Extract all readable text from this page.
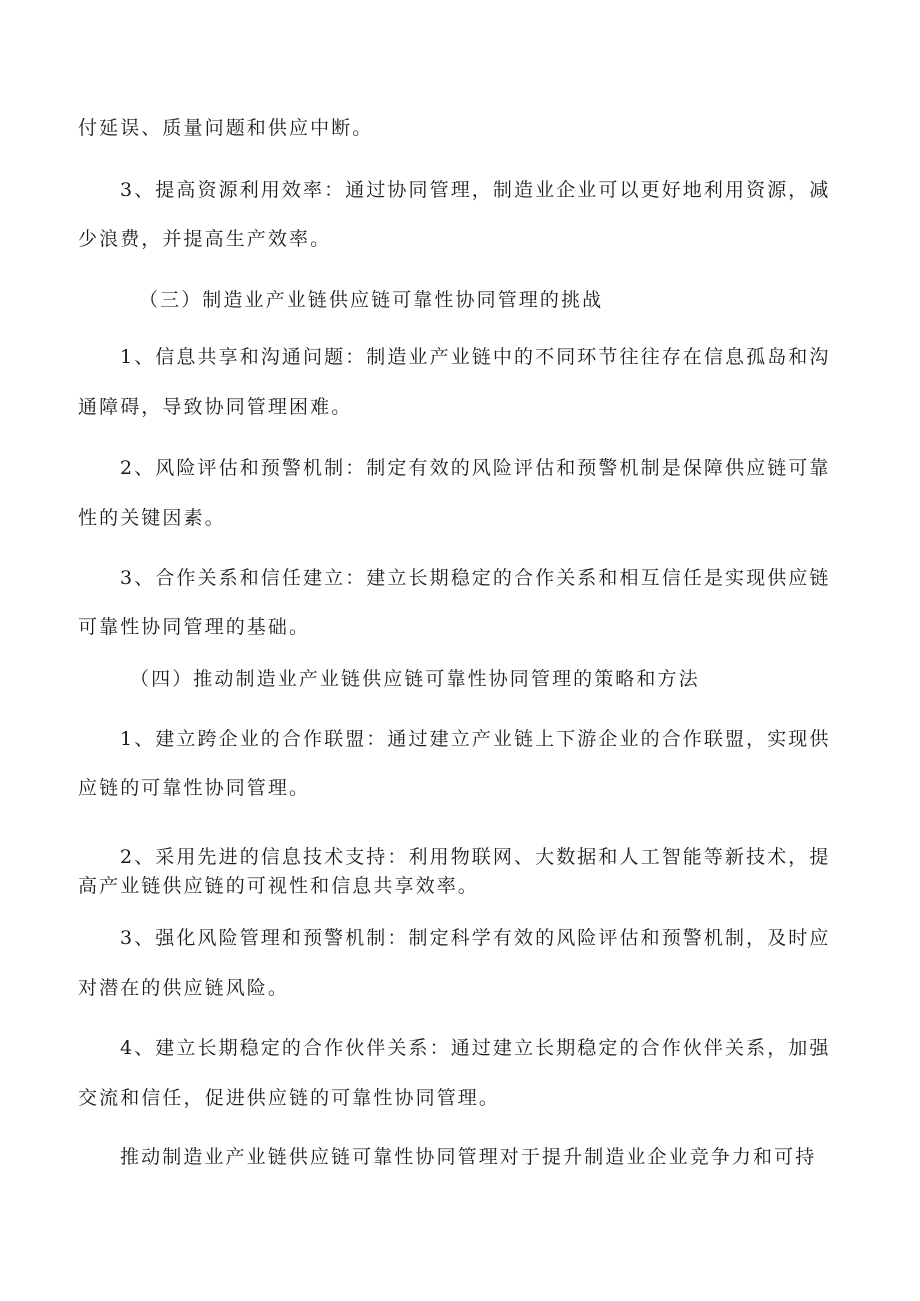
付延误、质量问题和供应中断。
3、提高资源利用效率：通过协同管理，制造业企业可以更好地利用资源，减
少浪费，并提高生产效率。
（三）制造业产业链供应链可靠性协同管理的挑战
1、信息共享和沟通问题：制造业产业链中的不同环节往往存在信息孤岛和沟
通障碍，导致协同管理困难。
2、风险评估和预警机制：制定有效的风险评估和预警机制是保障供应链可靠
性的关键因素。
3、合作关系和信任建立：建立长期稳定的合作关系和相互信任是实现供应链
可靠性协同管理的基础。
（四）推动制造业产业链供应链可靠性协同管理的策略和方法
1、建立跨企业的合作联盟：通过建立产业链上下游企业的合作联盟，实现供
应链的可靠性协同管理。
2、采用先进的信息技术支持：利用物联网、大数据和人工智能等新技术，提
高产业链供应链的可视性和信息共享效率。
3、强化风险管理和预警机制：制定科学有效的风险评估和预警机制，及时应
对潜在的供应链风险。
4、建立长期稳定的合作伙伴关系：通过建立长期稳定的合作伙伴关系，加强
交流和信任，促进供应链的可靠性协同管理。
推动制造业产业链供应链可靠性协同管理对于提升制造业企业竞争力和可持
